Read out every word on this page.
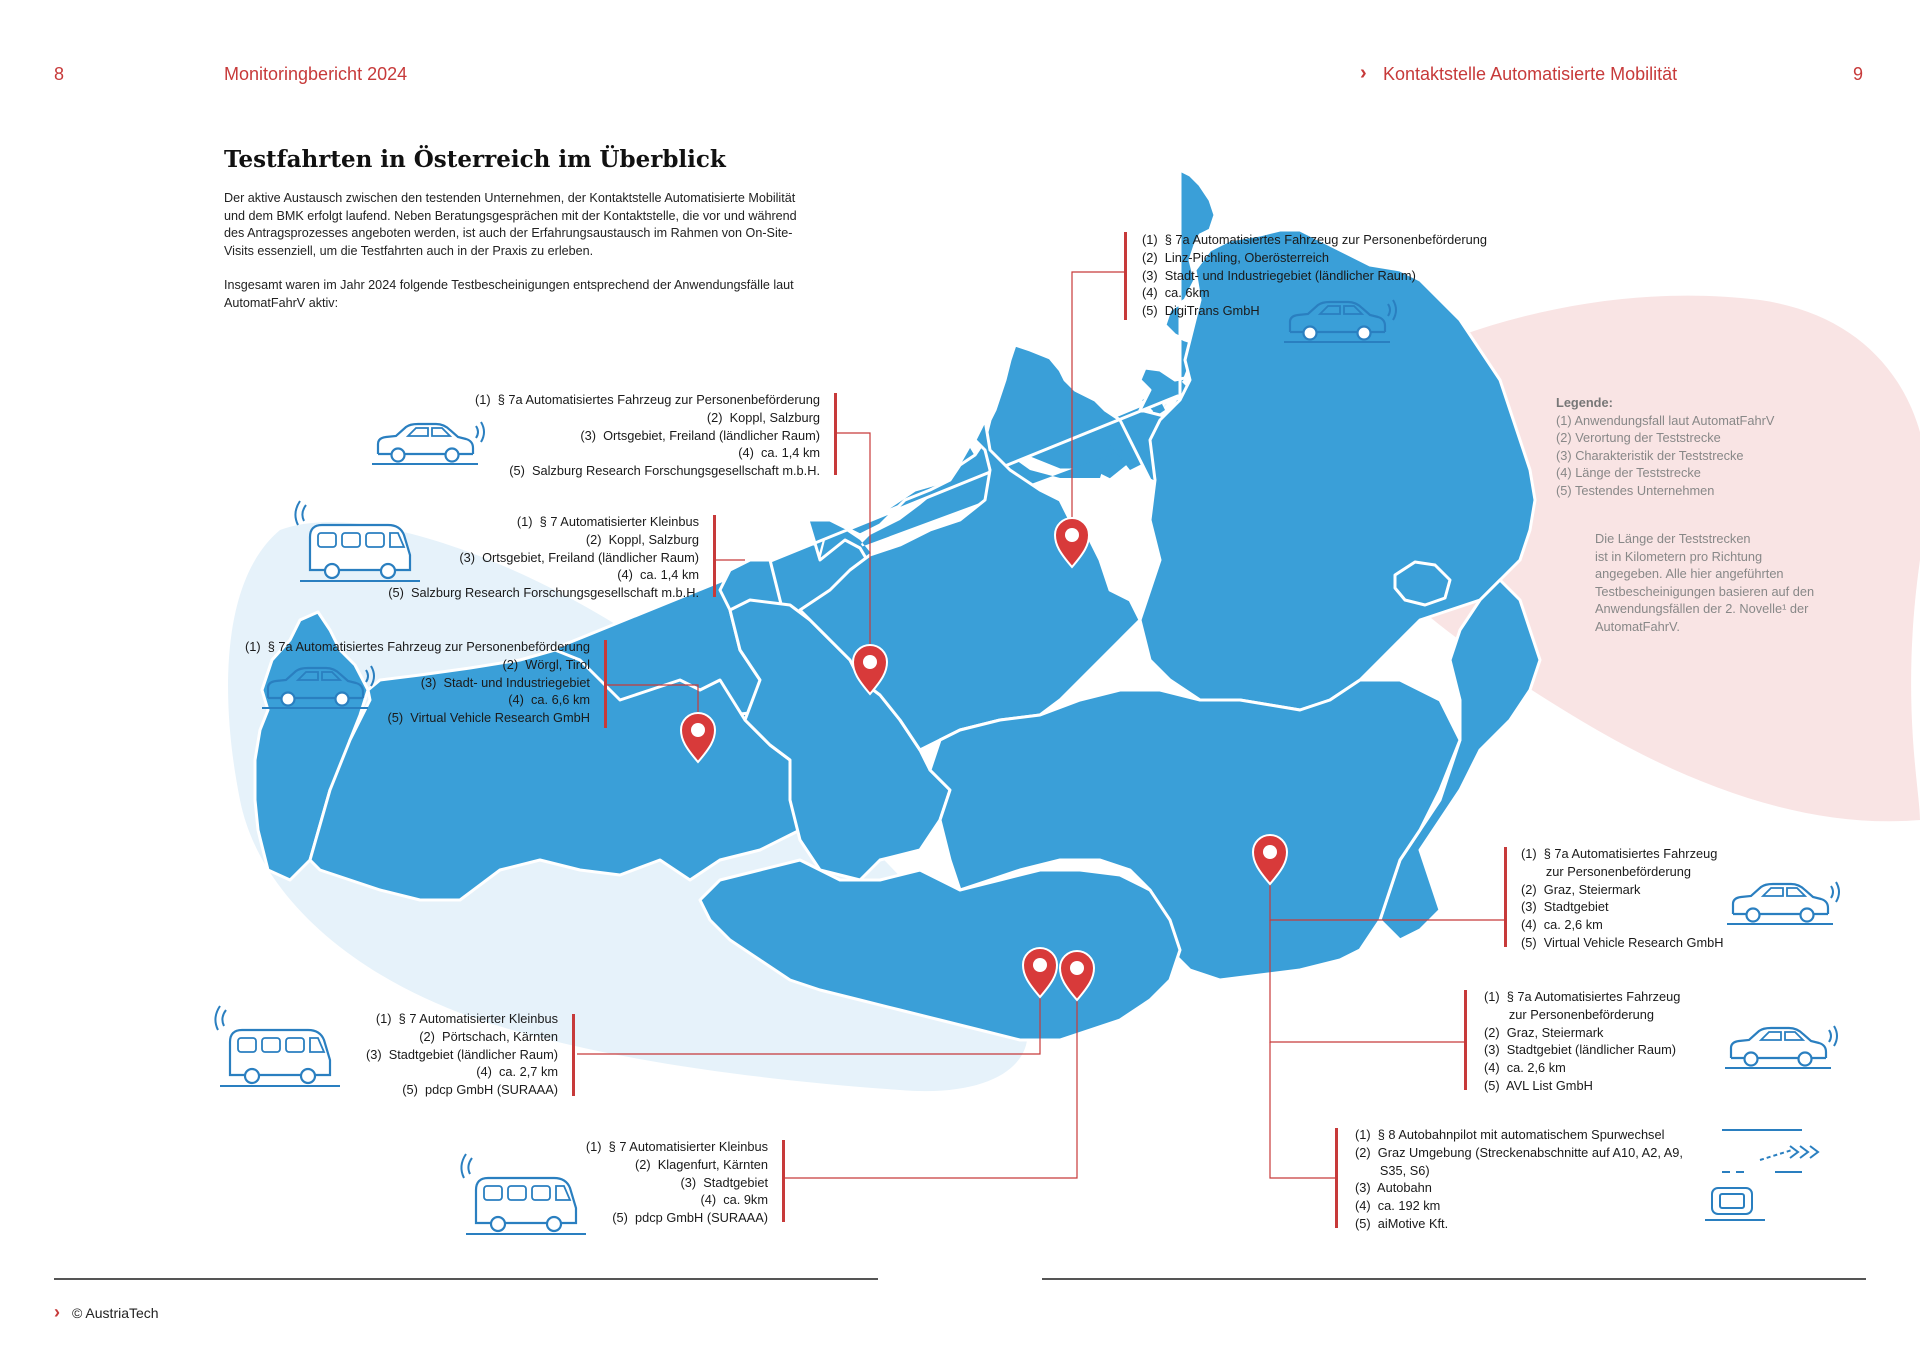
8	Monitoringbericht 2024	› Kontaktstelle Automatisierte Mobilität	9
Testfahrten in Österreich im Überblick
Der aktive Austausch zwischen den testenden Unternehmen, der Kontaktstelle Automatisierte Mobilität
und dem BMK erfolgt laufend. Neben Beratungsgesprächen mit der Kontaktstelle, die vor und während
des Antragsprozesses angeboten werden, ist auch der Erfahrungsaustausch im Rahmen von On-Site-
Visits essenziell, um die Testfahrten auch in der Praxis zu erleben.
Insgesamt waren im Jahr 2024 folgende Testbescheinigungen entsprechend der Anwendungsfälle laut
AutomatFahrV aktiv:
Legende:
(1) Anwendungsfall laut AutomatFahrV
(2) Verortung der Teststrecke
(3) Charakteristik der Teststrecke
(4) Länge der Teststrecke
(5) Testendes Unternehmen
Die Länge der Teststrecken
ist in Kilometern pro Richtung
angegeben. Alle hier angeführten
Testbescheinigungen basieren auf den
Anwendungsfällen der 2. Novelle¹ der
AutomatFahrV.
(1)  § 7a Automatisiertes Fahrzeug zur Personenbeförderung
(2)  Linz-Pichling, Oberösterreich
(3)  Stadt- und Industriegebiet (ländlicher Raum)
(4)  ca. 6km
(5)  DigiTrans GmbH
(1)  § 7a Automatisiertes Fahrzeug zur Personenbeförderung
(2)  Koppl, Salzburg
(3)  Ortsgebiet, Freiland (ländlicher Raum)
(4)  ca. 1,4 km
(5)  Salzburg Research Forschungsgesellschaft m.b.H.
(1)  § 7 Automatisierter Kleinbus
(2)  Koppl, Salzburg
(3)  Ortsgebiet, Freiland (ländlicher Raum)
(4)  ca. 1,4 km
(5)  Salzburg Research Forschungsgesellschaft m.b.H.
(1)  § 7a Automatisiertes Fahrzeug zur Personenbeförderung
(2)  Wörgl, Tirol
(3)  Stadt- und Industriegebiet
(4)  ca. 6,6 km
(5)  Virtual Vehicle Research GmbH
(1)  § 7 Automatisierter Kleinbus
(2)  Pörtschach, Kärnten
(3)  Stadtgebiet (ländlicher Raum)
(4)  ca. 2,7 km
(5)  pdcp GmbH (SURAAA)
(1)  § 7 Automatisierter Kleinbus
(2)  Klagenfurt, Kärnten
(3)  Stadtgebiet
(4)  ca. 9km
(5)  pdcp GmbH (SURAAA)
(1)  § 7a Automatisiertes Fahrzeug
zur Personenbeförderung
(2)  Graz, Steiermark
(3)  Stadtgebiet
(4)  ca. 2,6 km
(5)  Virtual Vehicle Research GmbH
(1)  § 7a Automatisiertes Fahrzeug
zur Personenbeförderung
(2)  Graz, Steiermark
(3)  Stadtgebiet (ländlicher Raum)
(4)  ca. 2,6 km
(5)  AVL List GmbH
(1)  § 8 Autobahnpilot mit automatischem Spurwechsel
(2)  Graz Umgebung (Streckenabschnitte auf A10, A2, A9,
S35, S6)
(3)  Autobahn
(4)  ca. 192 km
(5)  aiMotive Kft.
› © AustriaTech
